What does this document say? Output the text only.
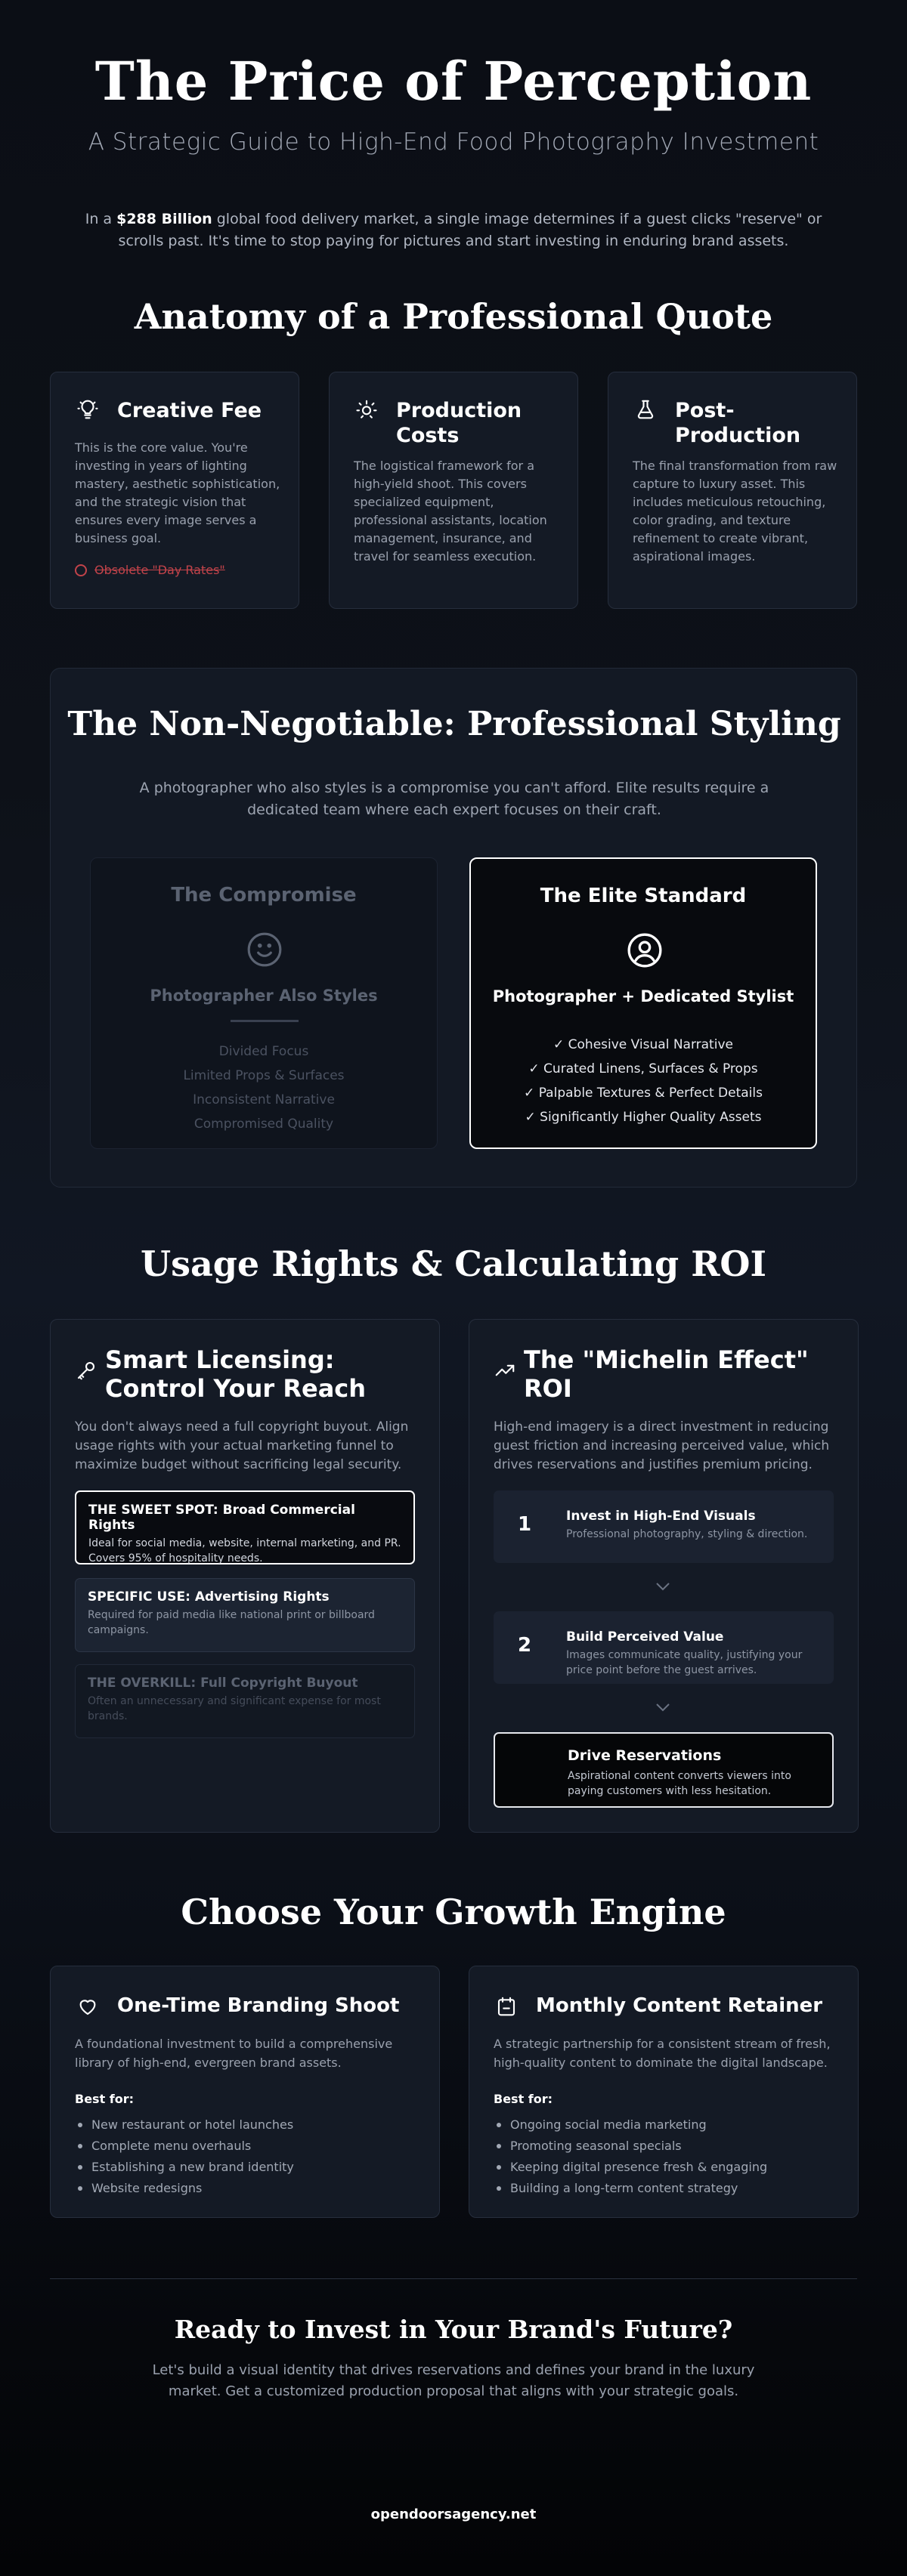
The Price of Perception
A Strategic Guide to High-End Food Photography Investment

In a $288 Billion global food delivery market, a single image determines if a guest clicks "reserve" or scrolls past. It's time to stop paying for pictures and start investing in enduring brand assets.

Anatomy of a Professional Quote
Creative Fee
This is the core value. You're investing in years of lighting mastery, aesthetic sophistication, and the strategic vision that ensures every image serves a business goal.
Obsolete "Day Rates"
Production Costs
The logistical framework for a high-yield shoot. This covers specialized equipment, professional assistants, location management, insurance, and travel for seamless execution.
Post-Production
The final transformation from raw capture to luxury asset. This includes meticulous retouching, color grading, and texture refinement to create vibrant, aspirational images.
The Non-Negotiable: Professional Styling

A photographer who also styles is a compromise you can't afford. Elite results require a dedicated team where each expert focuses on their craft.

The Compromise
Photographer Also Styles
Divided Focus
Limited Props & Surfaces
Inconsistent Narrative
Compromised Quality
The Elite Standard
Photographer + Dedicated Stylist
✓ Cohesive Visual Narrative
✓ Curated Linens, Surfaces & Props
✓ Palpable Textures & Perfect Details
✓ Significantly Higher Quality Assets
Usage Rights & Calculating ROI
Smart Licensing: Control Your Reach
You don't always need a full copyright buyout. Align usage rights with your actual marketing funnel to maximize budget without sacrificing legal security.
THE SWEET SPOT: Broad Commercial Rights
Ideal for social media, website, internal marketing, and PR. Covers 95% of hospitality needs.
SPECIFIC USE: Advertising Rights
Required for paid media like national print or billboard campaigns.
THE OVERKILL: Full Copyright Buyout
Often an unnecessary and significant expense for most brands.
The "Michelin Effect" ROI
High-end imagery is a direct investment in reducing guest friction and increasing perceived value, which drives reservations and justifies premium pricing.
1	Invest in High-End Visuals
Professional photography, styling & direction.
2	Build Perceived Value
Images communicate quality, justifying your price point before the guest arrives.
Drive Reservations
Aspirational content converts viewers into paying customers with less hesitation.
Choose Your Growth Engine
One-Time Branding Shoot
A foundational investment to build a comprehensive library of high-end, evergreen brand assets.
Best for:
New restaurant or hotel launches
Complete menu overhauls
Establishing a new brand identity
Website redesigns
Monthly Content Retainer
A strategic partnership for a consistent stream of fresh, high-quality content to dominate the digital landscape.
Best for:
Ongoing social media marketing
Promoting seasonal specials
Keeping digital presence fresh & engaging
Building a long-term content strategy
Ready to Invest in Your Brand's Future?

Let's build a visual identity that drives reservations and defines your brand in the luxury market. Get a customized production proposal that aligns with your strategic goals.

opendoorsagency.net
